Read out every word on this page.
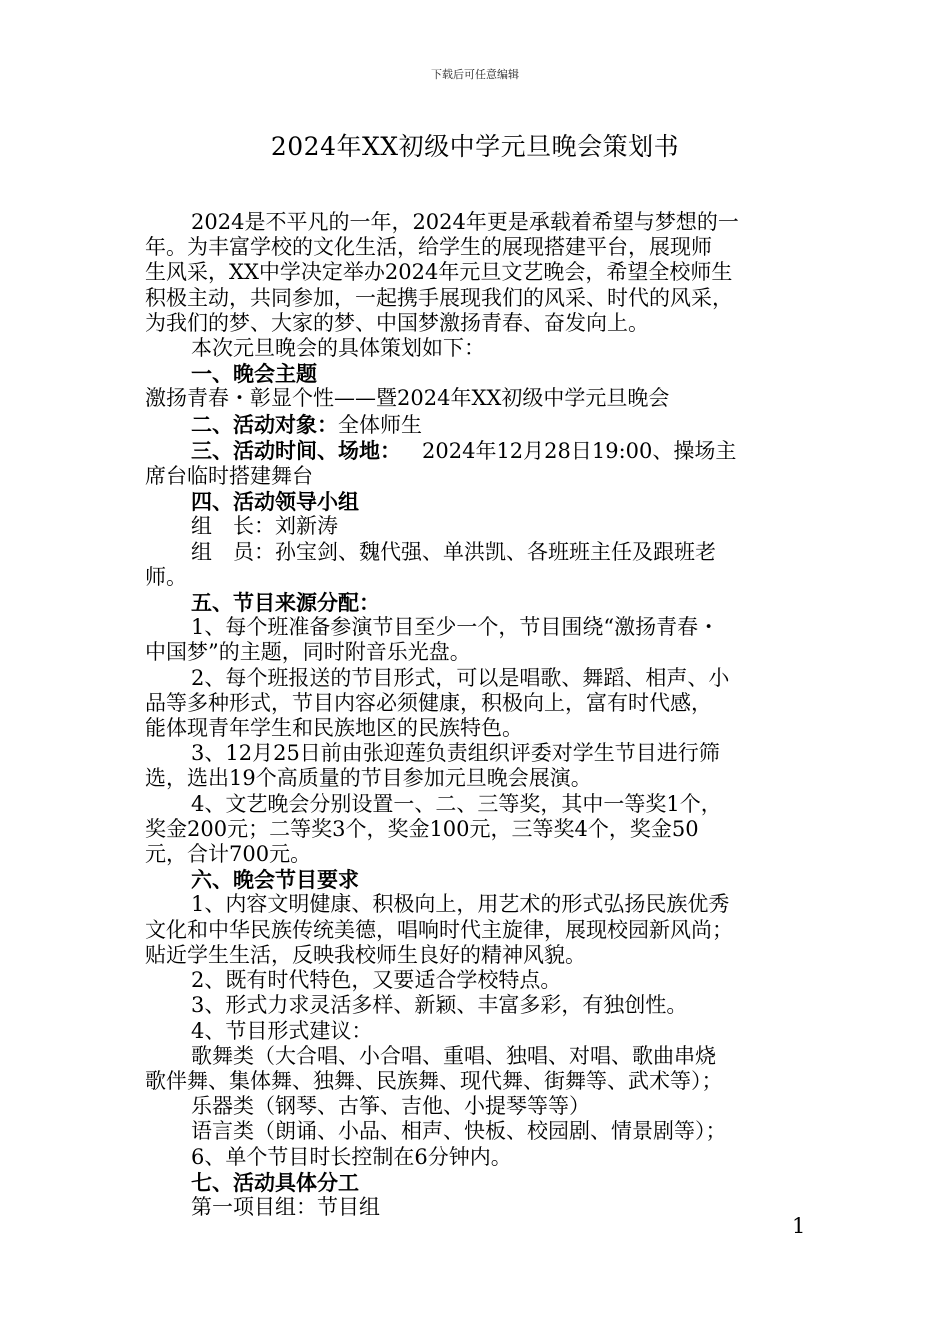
下载后可任意编辑
2024年XX初级中学元旦晚会策划书

2024是不平凡的一年，2024年更是承载着希望与梦想的一

年。为丰富学校的文化生活，给学生的展现搭建平台，展现师

生风采，XX中学决定举办2024年元旦文艺晚会，希望全校师生

积极主动，共同参加，一起携手展现我们的风采、时代的风采，

为我们的梦、大家的梦、中国梦激扬青春、奋发向上。

本次元旦晚会的具体策划如下：

一、晚会主题

激扬青春・彰显个性——暨2024年XX初级中学元旦晚会

二、活动对象：全体师生

三、活动时间、场地： 2024年12月28日19:00、操场主

席台临时搭建舞台

四、活动领导小组

组　长：刘新涛

组　员：孙宝剑、魏代强、单洪凯、各班班主任及跟班老

师。

五、节目来源分配：

1、每个班准备参演节目至少一个，节目围绕“激扬青春・

中国梦”的主题，同时附音乐光盘。

2、每个班报送的节目形式，可以是唱歌、舞蹈、相声、小

品等多种形式，节目内容必须健康，积极向上，富有时代感，

能体现青年学生和民族地区的民族特色。

3、12月25日前由张迎莲负责组织评委对学生节目进行筛

选，选出19个高质量的节目参加元旦晚会展演。

4、文艺晚会分别设置一、二、三等奖，其中一等奖1个，

奖金200元；二等奖3个，奖金100元，三等奖4个，奖金50

元，合计700元。

六、晚会节目要求

1、内容文明健康、积极向上，用艺术的形式弘扬民族优秀

文化和中华民族传统美德，唱响时代主旋律，展现校园新风尚；

贴近学生生活，反映我校师生良好的精神风貌。

2、既有时代特色，又要适合学校特点。

3、形式力求灵活多样、新颖、丰富多彩，有独创性。

4、节目形式建议：

歌舞类（大合唱、小合唱、重唱、独唱、对唱、歌曲串烧

歌伴舞、集体舞、独舞、民族舞、现代舞、街舞等、武术等）；

乐器类（钢琴、古筝、吉他、小提琴等等）

语言类（朗诵、小品、相声、快板、校园剧、情景剧等）；

6、单个节目时长控制在6分钟内。

七、活动具体分工

第一项目组：节目组

1
